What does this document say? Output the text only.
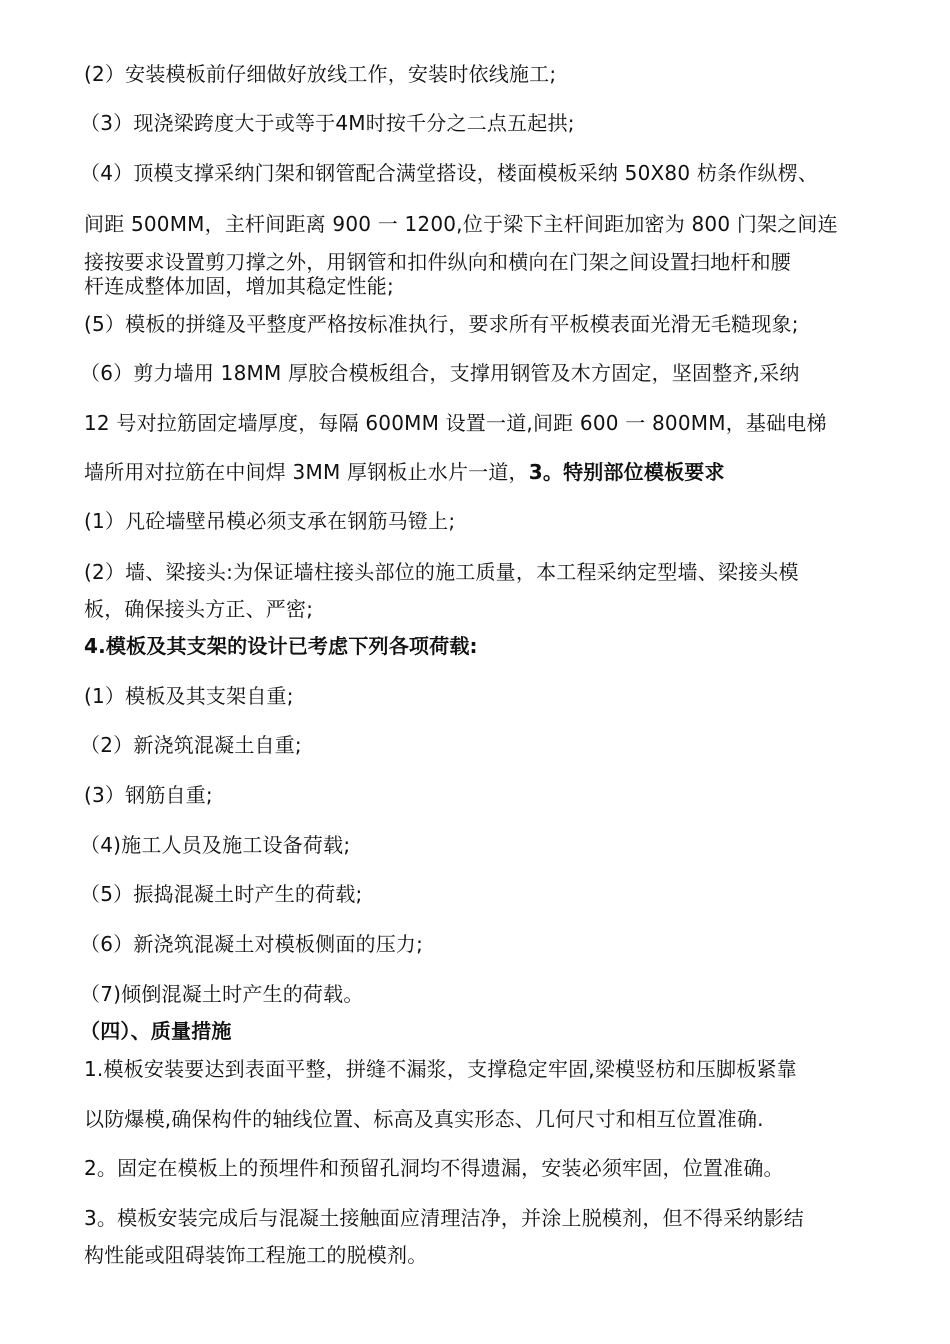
(2）安装模板前仔细做好放线工作，安装时依线施工;
（3）现浇梁跨度大于或等于4M时按千分之二点五起拱;
（4）顶模支撑采纳门架和钢管配合满堂搭设，楼面模板采纳 50X80 枋条作纵楞、
间距 500MM，主杆间距离 900 一 1200,位于梁下主杆间距加密为 800 门架之间连
接按要求设置剪刀撑之外，用钢管和扣件纵向和横向在门架之间设置扫地杆和腰
杆连成整体加固，增加其稳定性能;
(5）模板的拼缝及平整度严格按标准执行，要求所有平板模表面光滑无毛糙现象;
（6）剪力墙用 18MM 厚胶合模板组合，支撑用钢管及木方固定，坚固整齐,采纳
12 号对拉筋固定墙厚度，每隔 600MM 设置一道,间距 600 一 800MM，基础电梯
墙所用对拉筋在中间焊 3MM 厚钢板止水片一道，3。特别部位模板要求
(1）凡砼墙壁吊模必须支承在钢筋马镫上;
(2）墙、梁接头:为保证墙柱接头部位的施工质量，本工程采纳定型墙、梁接头模
板，确保接头方正、严密;
4.模板及其支架的设计已考虑下列各项荷载:
(1）模板及其支架自重;
（2）新浇筑混凝土自重;
(3）钢筋自重;
（4)施工人员及施工设备荷载;
（5）振捣混凝土时产生的荷载;
（6）新浇筑混凝土对模板侧面的压力;
（7)倾倒混凝土时产生的荷载。
（四）、质量措施
1.模板安装要达到表面平整，拼缝不漏浆，支撑稳定牢固,梁模竖枋和压脚板紧靠
以防爆模,确保构件的轴线位置、标高及真实形态、几何尺寸和相互位置准确.
2。固定在模板上的预埋件和预留孔洞均不得遗漏，安装必须牢固，位置准确。
3。模板安装完成后与混凝土接触面应清理洁净，并涂上脱模剂，但不得采纳影结
构性能或阻碍装饰工程施工的脱模剂。
